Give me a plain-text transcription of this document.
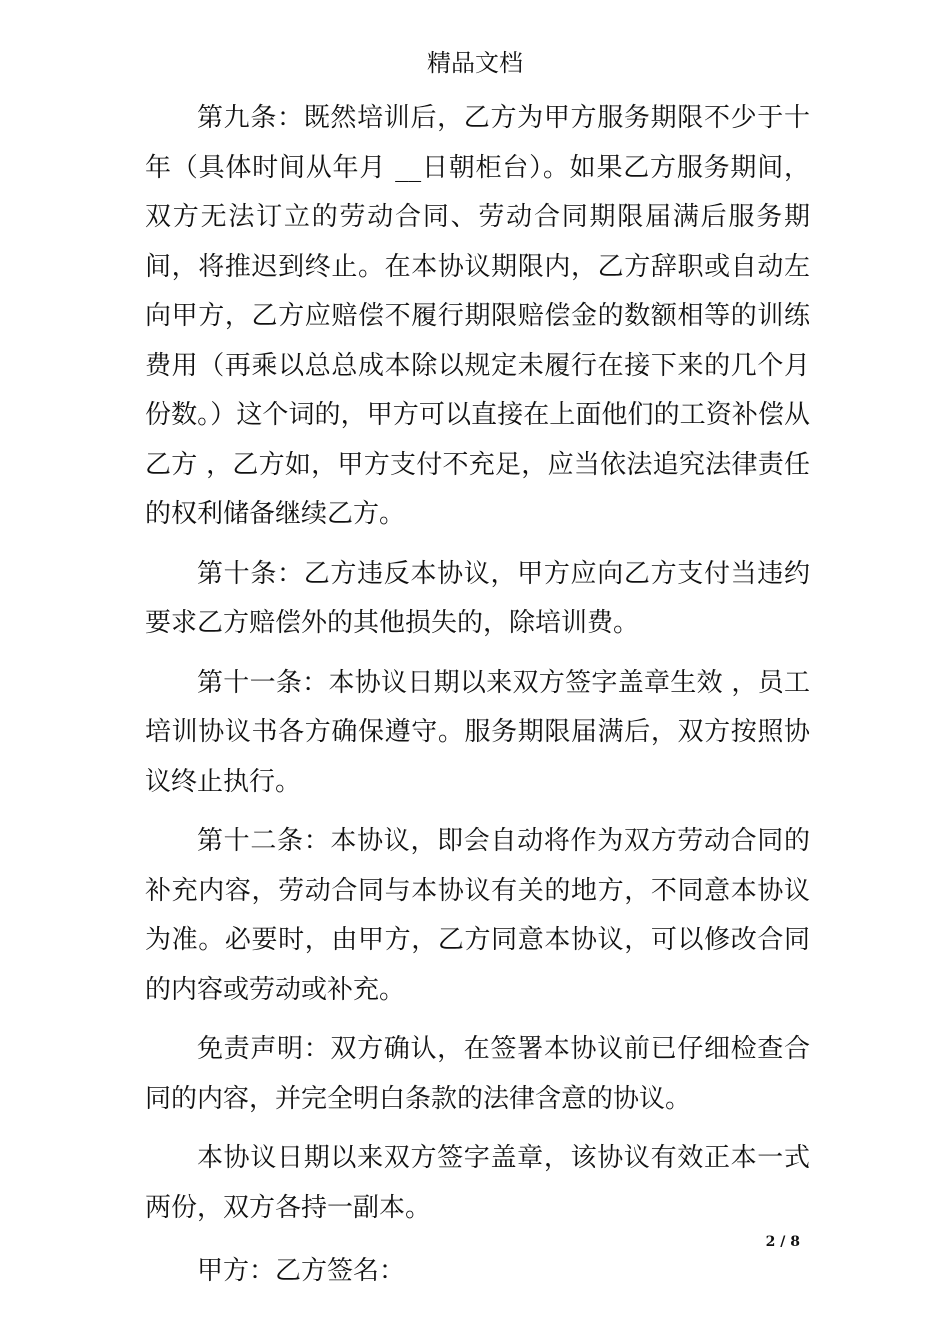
精品文档

第九条：既然培训后，乙方为甲方服务期限不少于十年（具体时间从年月 __日朝柜台）。如果乙方服务期间，双方无法订立的劳动合同、劳动合同期限届满后服务期间，将推迟到终止。在本协议期限内，乙方辞职或自动左向甲方，乙方应赔偿不履行期限赔偿金的数额相等的训练费用（再乘以总总成本除以规定未履行在接下来的几个月份数。）这个词的，甲方可以直接在上面他们的工资补偿从乙方 ，乙方如，甲方支付不充足，应当依法追究法律责任的权利储备继续乙方。

第十条：乙方违反本协议，甲方应向乙方支付当违约要求乙方赔偿外的其他损失的，除培训费。

第十一条：本协议日期以来双方签字盖章生效 ，员工培训协议书各方确保遵守。服务期限届满后，双方按照协议终止执行。

第十二条：本协议，即会自动将作为双方劳动合同的补充内容，劳动合同与本协议有关的地方，不同意本协议为准。必要时，由甲方，乙方同意本协议，可以修改合同的内容或劳动或补充。

免责声明：双方确认，在签署本协议前已仔细检查合同的内容，并完全明白条款的法律含意的协议。

本协议日期以来双方签字盖章，该协议有效正本一式两份，双方各持一副本。

甲方：乙方签名：

2 / 8
